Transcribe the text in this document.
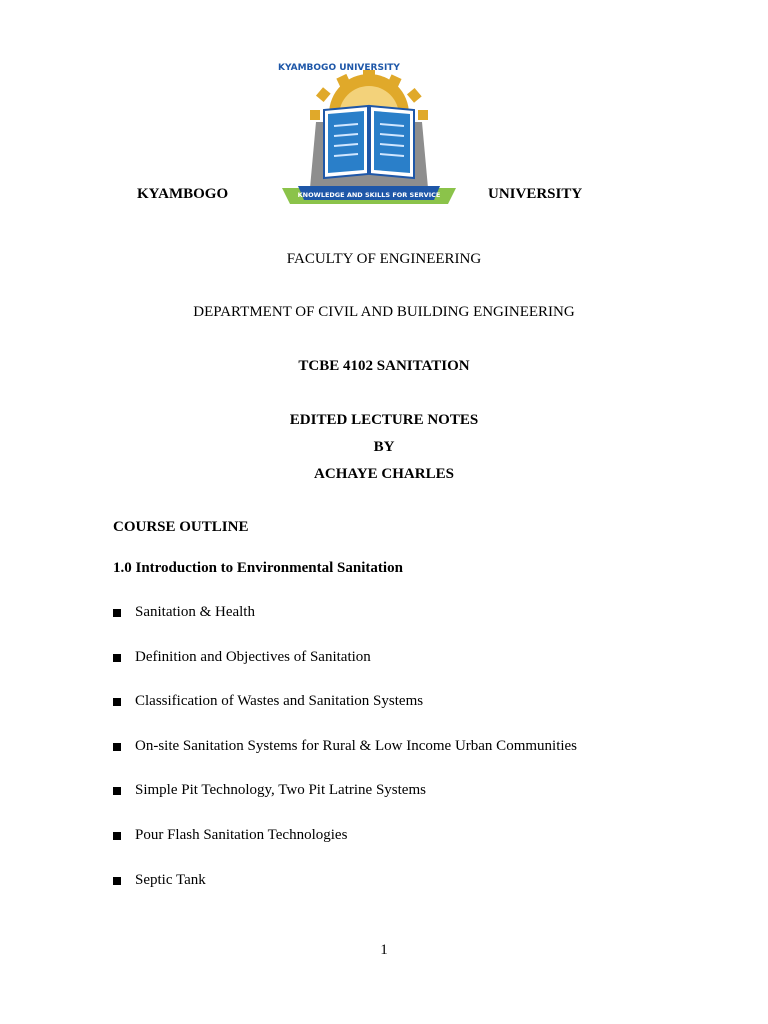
KYAMBOGO
KYAMBOGO UNIVERSITY
KNOWLEDGE AND SKILLS FOR SERVICE	UNIVERSITY
FACULTY OF ENGINEERING
DEPARTMENT OF CIVIL AND BUILDING ENGINEERING
TCBE 4102 SANITATION
EDITED LECTURE NOTES
BY
ACHAYE CHARLES
COURSE OUTLINE
1.0 Introduction to Environmental Sanitation
Sanitation & Health
Definition and Objectives of Sanitation
Classification of Wastes and Sanitation Systems
On-site Sanitation Systems for Rural & Low Income Urban Communities
Simple Pit Technology, Two Pit Latrine Systems
Pour Flash Sanitation Technologies
Septic Tank
1
